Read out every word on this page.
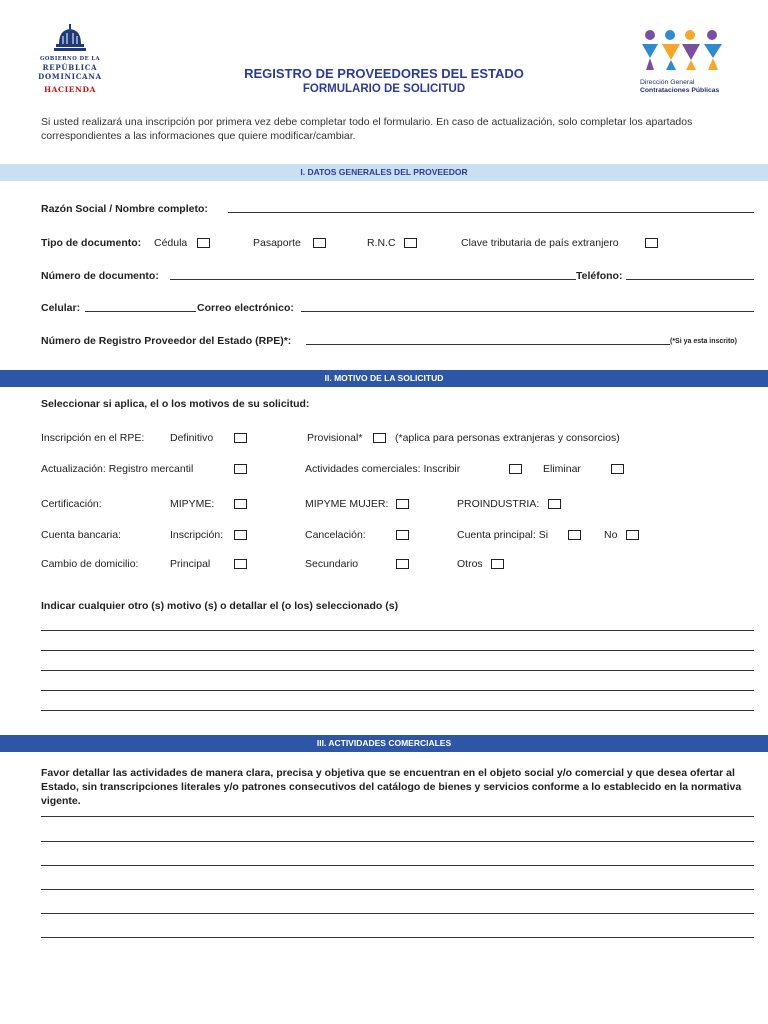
GOBIERNO DE LA
REPÚBLICA
DOMINICANA
HACIENDA
REGISTRO DE PROVEEDORES DEL ESTADO
FORMULARIO DE SOLICITUD
Dirección General
Contrataciones Públicas
Si usted realizará una inscripción por primera vez debe completar todo el formulario. En caso de actualización, solo completar los apartados correspondientes a las informaciones que quiere modificar/cambiar.
I. DATOS GENERALES DEL PROVEEDOR
Razón Social / Nombre completo:
Tipo de documento: Cédula	Pasaporte	R.N.C	Clave tributaria de país extranjero
Número de documento:	Teléfono:
Celular:	Correo electrónico:
Número de Registro Proveedor del Estado (RPE)*:	(*Si ya esta inscrito)
II. MOTIVO DE LA SOLICITUD
Seleccionar si aplica, el o los motivos de su solicitud:
Inscripción en el RPE: Definitivo	Provisional*	(*aplica para personas extranjeras y consorcios)
Actualización: Registro mercantil	Actividades comerciales: Inscribir	Eliminar
Certificación:	MIPYME:	MIPYME MUJER:	PROINDUSTRIA:
Cuenta bancaria:	Inscripción:	Cancelación:	Cuenta principal: Si	No
Cambio de domicilio:	Principal	Secundario	Otros
Indicar cualquier otro (s) motivo (s) o detallar el (o los) seleccionado (s)
III. ACTIVIDADES COMERCIALES
Favor detallar las actividades de manera clara, precisa y objetiva que se encuentran en el objeto social y/o comercial y que desea ofertar al Estado, sin transcripciones literales y/o patrones consecutivos del catálogo de bienes y servicios conforme a lo establecido en la normativa vigente.
